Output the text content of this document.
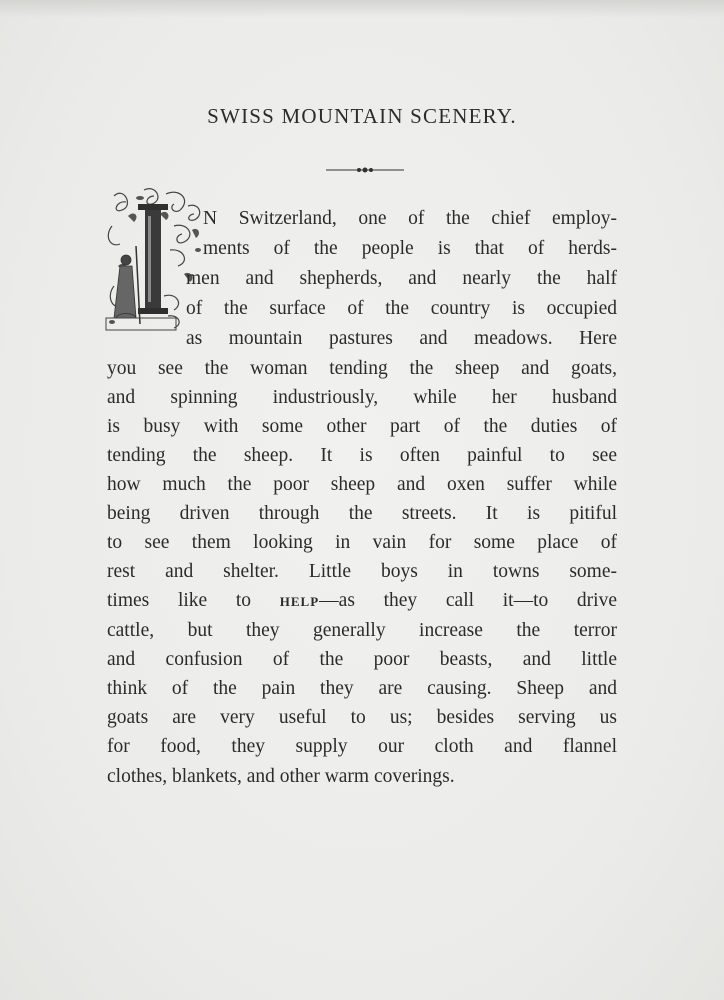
SWISS MOUNTAIN SCENERY.
N Switzerland, one of the chief employ-
ments of the people is that of herds-
men and shepherds, and nearly the half
of the surface of the country is occupied
as mountain pastures and meadows. Here
you see the woman tending the sheep and goats,
and spinning industriously, while her husband
is busy with some other part of the duties of
tending the sheep. It is often painful to see
how much the poor sheep and oxen suffer while
being driven through the streets. It is pitiful
to see them looking in vain for some place of
rest and shelter. Little boys in towns some-
times like to HELP—as they call it—to drive
cattle, but they generally increase the terror
and confusion of the poor beasts, and little
think of the pain they are causing. Sheep and
goats are very useful to us; besides serving us
for food, they supply our cloth and flannel
clothes, blankets, and other warm coverings.
